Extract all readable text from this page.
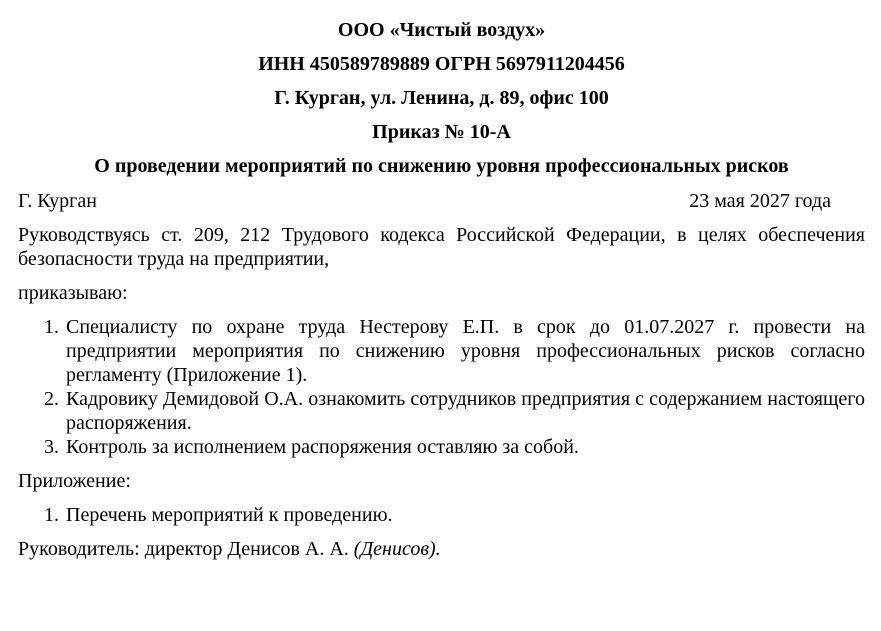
ООО «Чистый воздух»

ИНН 450589789889 ОГРН 5697911204456

Г. Курган, ул. Ленина, д. 89, офис 100

Приказ № 10-А

О проведении мероприятий по снижению уровня профессиональных рисков

Г. Курган	23 мая 2027 года

Руководствуясь ст. 209, 212 Трудового кодекса Российской Федерации, в целях обеспечения безопасности труда на предприятии,

приказываю:

1. Специалисту по охране труда Нестерову Е.П. в срок до 01.07.2027 г. провести на предприятии мероприятия по снижению уровня профессиональных рисков согласно регламенту (Приложение 1).
2. Кадровику Демидовой О.А. ознакомить сотрудников предприятия с содержанием настоящего распоряжения.
3. Контроль за исполнением распоряжения оставляю за собой.

Приложение:

1. Перечень мероприятий к проведению.

Руководитель: директор Денисов А. А. (Денисов).
